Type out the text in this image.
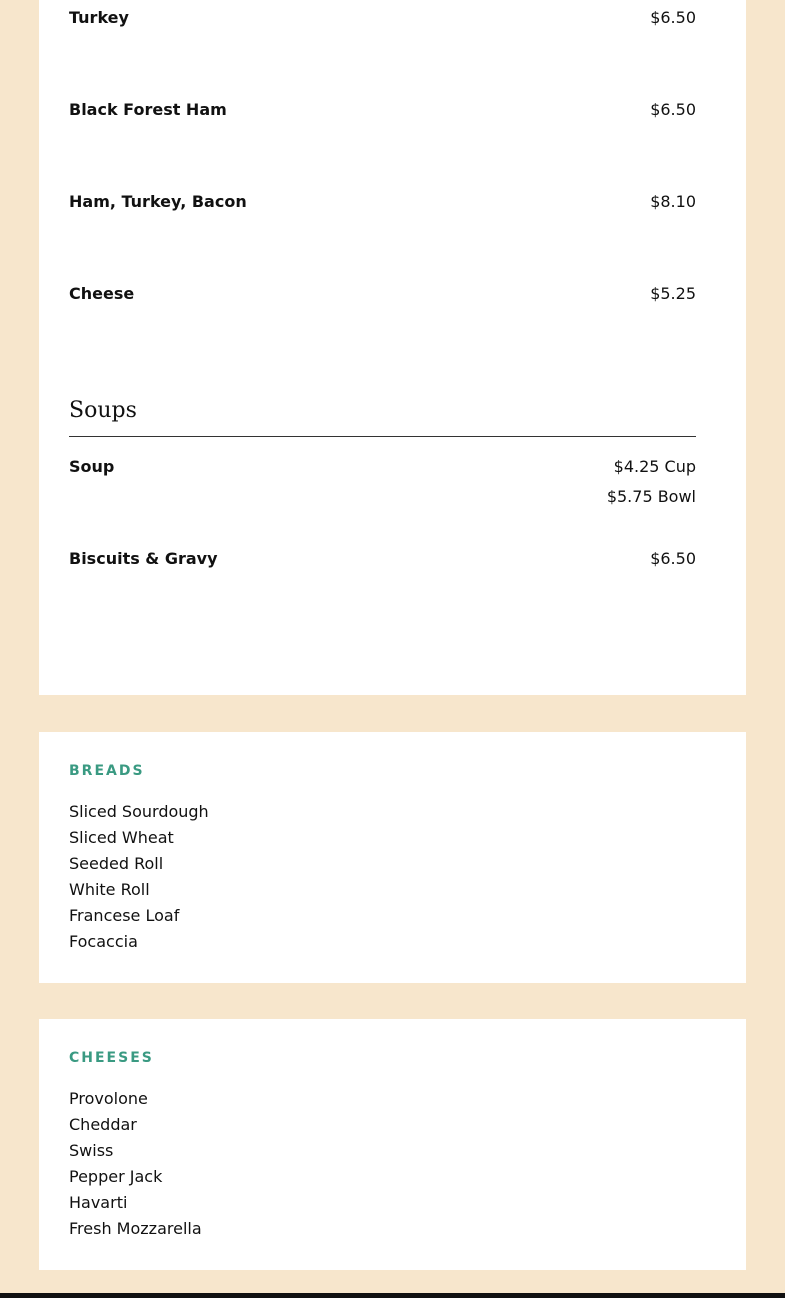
Turkey	$6.50
Black Forest Ham	$6.50
Ham, Turkey, Bacon	$8.10
Cheese	$5.25
Soups
Soup	$4.25 Cup
$5.75 Bowl
Biscuits & Gravy	$6.50
BREADS
Sliced Sourdough
Sliced Wheat
Seeded Roll
White Roll
Francese Loaf
Focaccia
CHEESES
Provolone
Cheddar
Swiss
Pepper Jack
Havarti
Fresh Mozzarella
